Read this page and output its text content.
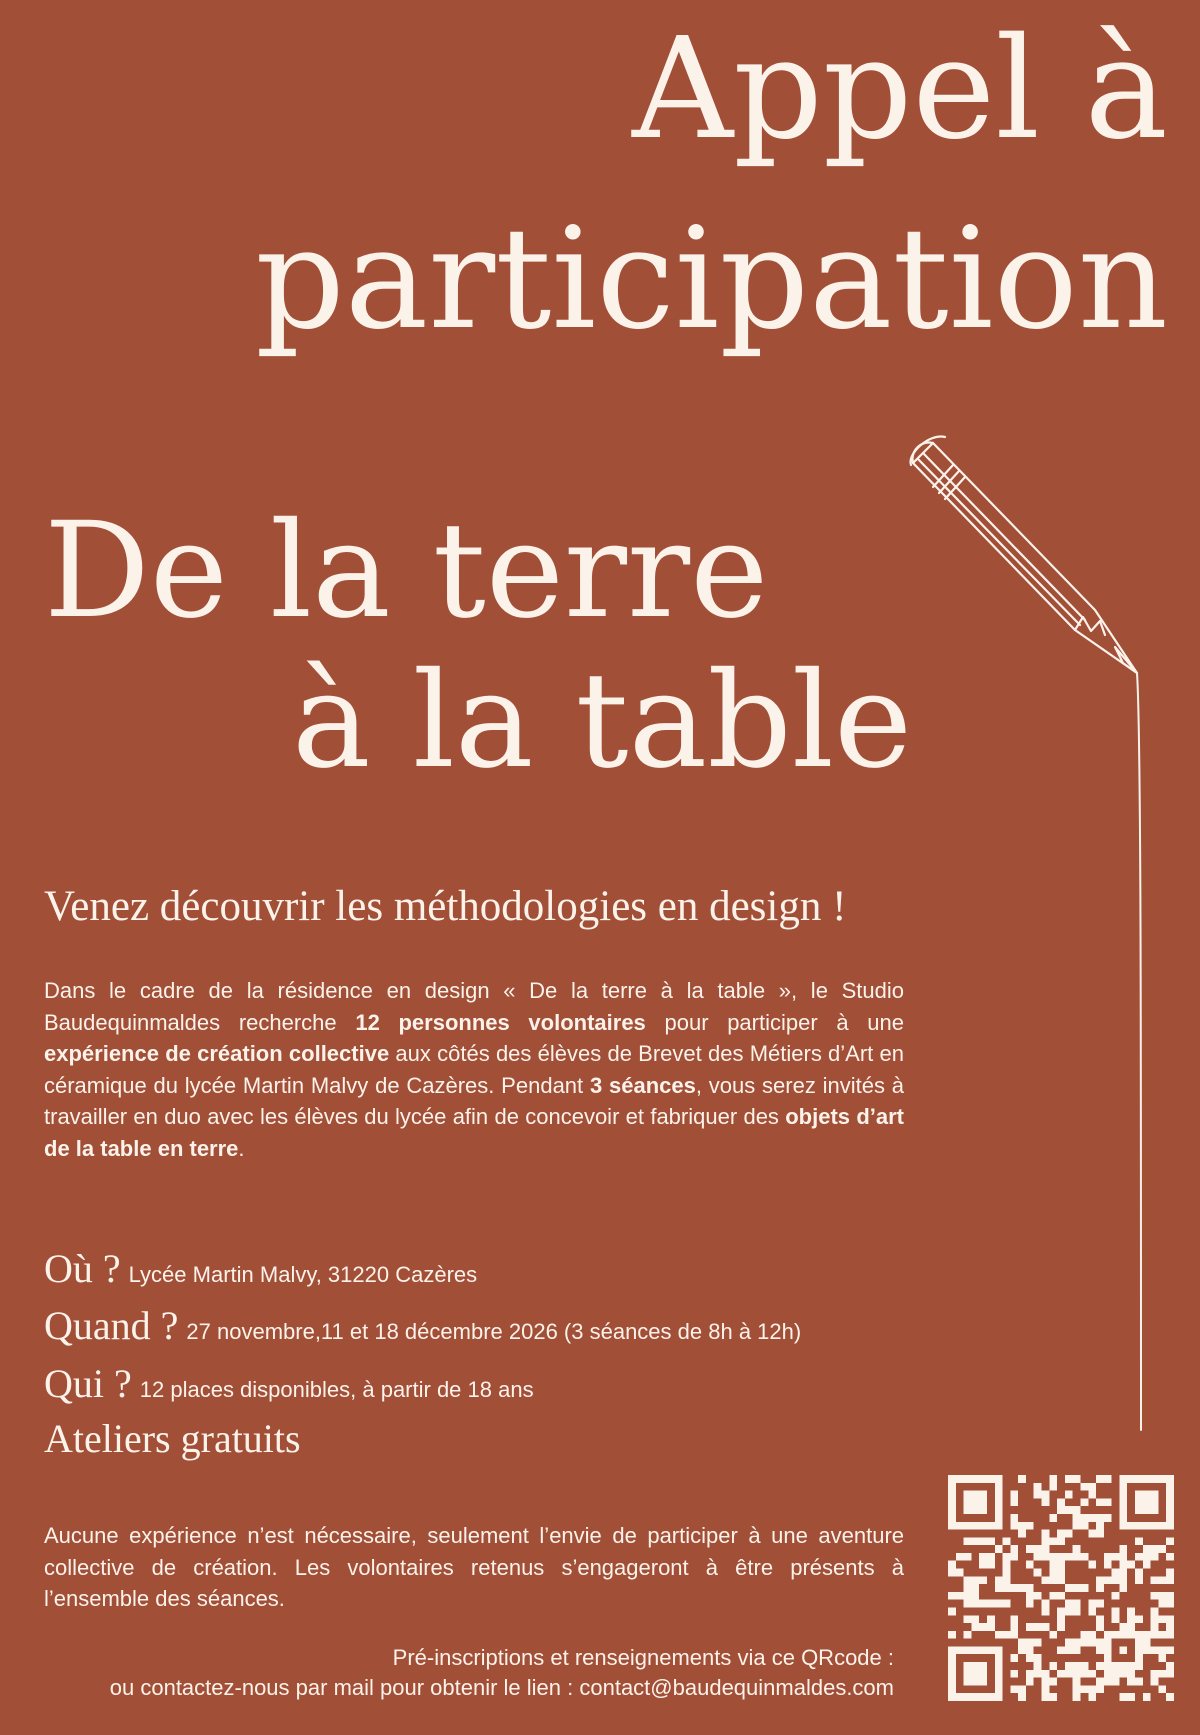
Appel à
participation
De la terre
à la table
Venez découvrir les méthodologies en design !
Dans le cadre de la résidence en design « De la terre à la table », le Studio Baudequinmaldes recherche 12 personnes volontaires pour participer à une expérience de création collective aux côtés des élèves de Brevet des Métiers d’Art en céramique du lycée Martin Malvy de Cazères. Pendant 3 séances, vous serez invités à travailler en duo avec les élèves du lycée afin de concevoir et fabriquer des objets d’art de la table en terre.
Où ? Lycée Martin Malvy, 31220 Cazères
Quand ? 27 novembre,11 et 18 décembre 2026 (3 séances de 8h à 12h)
Qui ? 12 places disponibles, à partir de 18 ans
Ateliers gratuits
Aucune expérience n’est nécessaire, seulement l’envie de participer à une aventure collective de création. Les volontaires retenus s’engageront à être présents à l’ensemble des séances.
Pré-inscriptions et renseignements via ce QRcode :
ou contactez-nous par mail pour obtenir le lien : contact@baudequinmaldes.com
